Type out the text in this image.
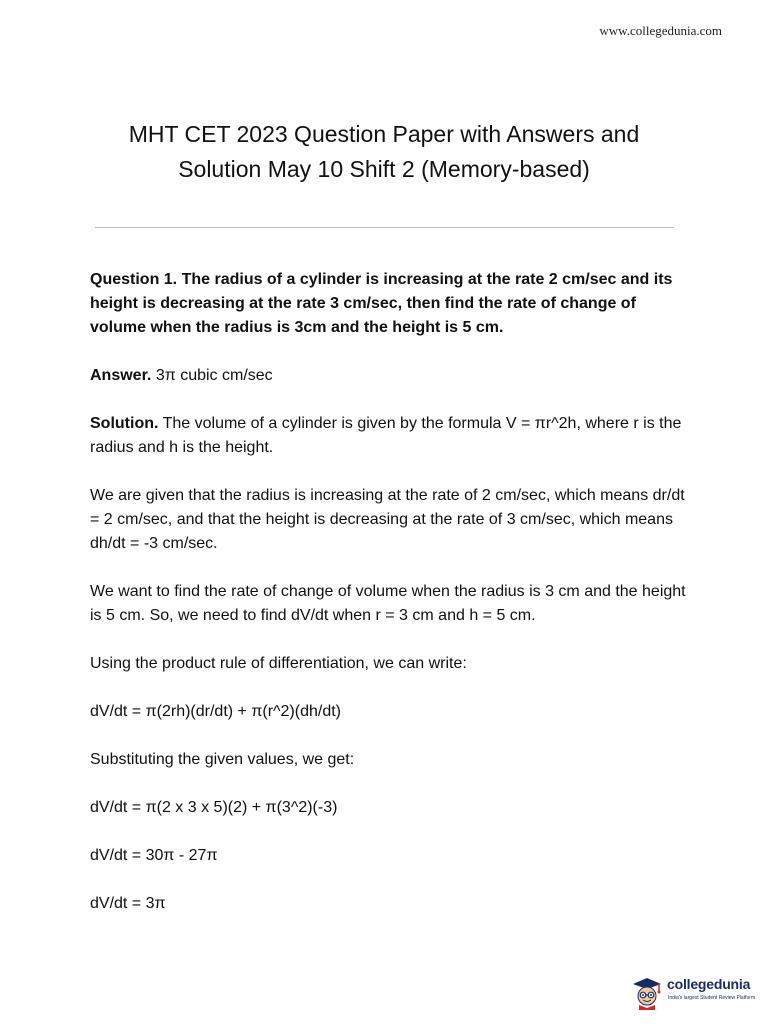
www.collegedunia.com
MHT CET 2023 Question Paper with Answers and
Solution May 10 Shift 2 (Memory-based)

Question 1. The radius of a cylinder is increasing at the rate 2 cm/sec and its height is decreasing at the rate 3 cm/sec, then find the rate of change of volume when the radius is 3cm and the height is 5 cm.

Answer. 3π cubic cm/sec

Solution. The volume of a cylinder is given by the formula V = πr^2h, where r is the radius and h is the height.

We are given that the radius is increasing at the rate of 2 cm/sec, which means dr/dt = 2 cm/sec, and that the height is decreasing at the rate of 3 cm/sec, which means dh/dt = -3 cm/sec.

We want to find the rate of change of volume when the radius is 3 cm and the height is 5 cm. So, we need to find dV/dt when r = 3 cm and h = 5 cm.

Using the product rule of differentiation, we can write:

dV/dt = π(2rh)(dr/dt) + π(r^2)(dh/dt)

Substituting the given values, we get:

dV/dt = π(2 x 3 x 5)(2) + π(3^2)(-3)

dV/dt = 30π - 27π

dV/dt = 3π

collegedunia
India's largest Student Review Platform
